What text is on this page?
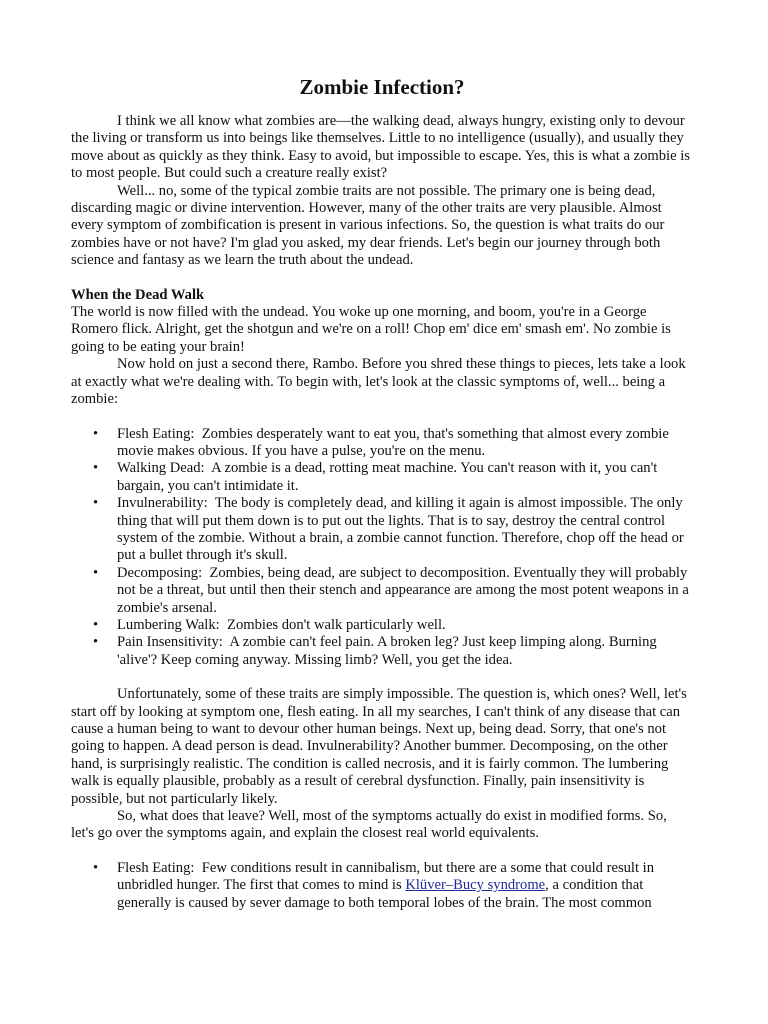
Zombie Infection?

I think we all know what zombies are—the walking dead, always hungry, existing only to devour the living or transform us into beings like themselves. Little to no intelligence (usually), and usually they move about as quickly as they think. Easy to avoid, but impossible to escape. Yes, this is what a zombie is to most people. But could such a creature really exist?

Well... no, some of the typical zombie traits are not possible. The primary one is being dead, discarding magic or divine intervention. However, many of the other traits are very plausible. Almost every symptom of zombification is present in various infections. So, the question is what traits do our zombies have or not have? I'm glad you asked, my dear friends. Let's begin our journey through both science and fantasy as we learn the truth about the undead.

When the Dead Walk

The world is now filled with the undead. You woke up one morning, and boom, you're in a George Romero flick. Alright, get the shotgun and we're on a roll! Chop em' dice em' smash em'. No zombie is going to be eating your brain!

Now hold on just a second there, Rambo. Before you shred these things to pieces, lets take a look at exactly what we're dealing with. To begin with, let's look at the classic symptoms of, well... being a zombie:

• Flesh Eating : Zombies desperately want to eat you, that's something that almost every zombie movie makes obvious. If you have a pulse, you're on the menu.
• Walking Dead : A zombie is a dead, rotting meat machine. You can't reason with it, you can't bargain, you can't intimidate it.
• Invulnerability : The body is completely dead, and killing it again is almost impossible. The only thing that will put them down is to put out the lights. That is to say, destroy the central control system of the zombie. Without a brain, a zombie cannot function. Therefore, chop off the head or put a bullet through it's skull.
• Decomposing : Zombies, being dead, are subject to decomposition. Eventually they will probably not be a threat, but until then their stench and appearance are among the most potent weapons in a zombie's arsenal.
• Lumbering Walk : Zombies don't walk particularly well.
• Pain Insensitivity : A zombie can't feel pain. A broken leg? Just keep limping along. Burning 'alive'? Keep coming anyway. Missing limb? Well, you get the idea.

Unfortunately, some of these traits are simply impossible. The question is, which ones? Well, let's start off by looking at symptom one, flesh eating. In all my searches, I can't think of any disease that can cause a human being to want to devour other human beings. Next up, being dead. Sorry, that one's not going to happen. A dead person is dead. Invulnerability? Another bummer. Decomposing, on the other hand, is surprisingly realistic. The condition is called necrosis, and it is fairly common. The lumbering walk is equally plausible, probably as a result of cerebral dysfunction. Finally, pain insensitivity is possible, but not particularly likely.

So, what does that leave? Well, most of the symptoms actually do exist in modified forms. So, let's go over the symptoms again, and explain the closest real world equivalents.

• Flesh Eating : Few conditions result in cannibalism, but there are a some that could result in unbridled hunger. The first that comes to mind is Klüver–Bucy syndrome, a condition that generally is caused by sever damage to both temporal lobes of the brain. The most common
